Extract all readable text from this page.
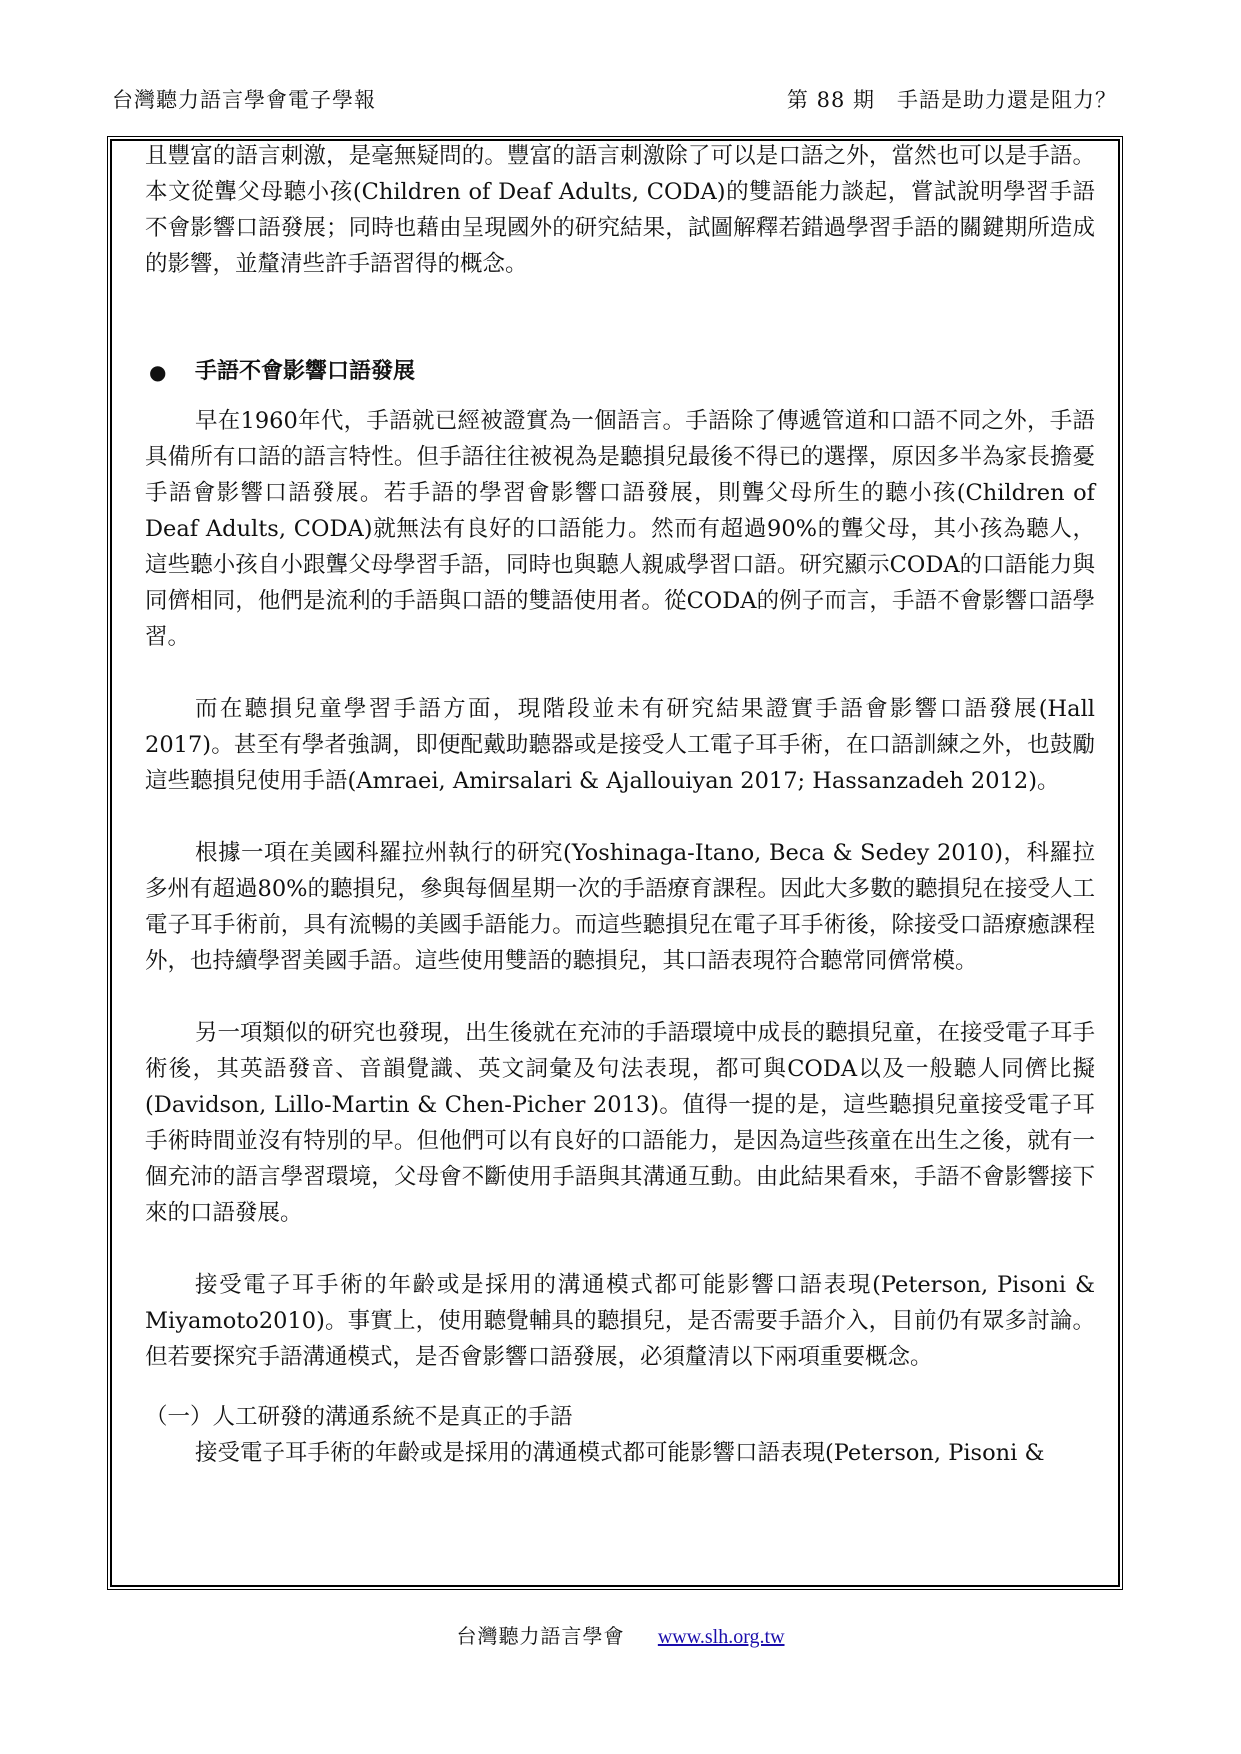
台灣聽力語言學會電子學報	第 88 期　手語是助力還是阻力？

且豐富的語言刺激，是毫無疑問的。豐富的語言刺激除了可以是口語之外，當然也可以是手語。本文從聾父母聽小孩(Children of Deaf Adults, CODA)的雙語能力談起，嘗試說明學習手語不會影響口語發展；同時也藉由呈現國外的研究結果，試圖解釋若錯過學習手語的關鍵期所造成的影響，並釐清些許手語習得的概念。

● 手語不會影響口語發展

早在1960年代，手語就已經被證實為一個語言。手語除了傳遞管道和口語不同之外，手語具備所有口語的語言特性。但手語往往被視為是聽損兒最後不得已的選擇，原因多半為家長擔憂手語會影響口語發展。若手語的學習會影響口語發展，則聾父母所生的聽小孩(Children of Deaf Adults, CODA)就無法有良好的口語能力。然而有超過90%的聾父母，其小孩為聽人，這些聽小孩自小跟聾父母學習手語，同時也與聽人親戚學習口語。研究顯示CODA的口語能力與同儕相同，他們是流利的手語與口語的雙語使用者。從CODA的例子而言，手語不會影響口語學習。

而在聽損兒童學習手語方面，現階段並未有研究結果證實手語會影響口語發展(Hall 2017)。甚至有學者強調，即便配戴助聽器或是接受人工電子耳手術，在口語訓練之外，也鼓勵這些聽損兒使用手語(Amraei, Amirsalari & Ajallouiyan 2017; Hassanzadeh 2012)。

根據一項在美國科羅拉州執行的研究(Yoshinaga-Itano, Beca & Sedey 2010)，科羅拉多州有超過80%的聽損兒，參與每個星期一次的手語療育課程。因此大多數的聽損兒在接受人工電子耳手術前，具有流暢的美國手語能力。而這些聽損兒在電子耳手術後，除接受口語療癒課程外，也持續學習美國手語。這些使用雙語的聽損兒，其口語表現符合聽常同儕常模。

另一項類似的研究也發現，出生後就在充沛的手語環境中成長的聽損兒童，在接受電子耳手術後，其英語發音、音韻覺識、英文詞彙及句法表現，都可與CODA以及一般聽人同儕比擬(Davidson, Lillo-Martin & Chen-Picher 2013)。值得一提的是，這些聽損兒童接受電子耳手術時間並沒有特別的早。但他們可以有良好的口語能力，是因為這些孩童在出生之後，就有一個充沛的語言學習環境，父母會不斷使用手語與其溝通互動。由此結果看來，手語不會影響接下來的口語發展。

接受電子耳手術的年齡或是採用的溝通模式都可能影響口語表現(Peterson, Pisoni & Miyamoto2010)。事實上，使用聽覺輔具的聽損兒，是否需要手語介入，目前仍有眾多討論。但若要探究手語溝通模式，是否會影響口語發展，必須釐清以下兩項重要概念。

（一）人工研發的溝通系統不是真正的手語

接受電子耳手術的年齡或是採用的溝通模式都可能影響口語表現(Peterson, Pisoni &

台灣聽力語言學會 www.slh.org.tw
